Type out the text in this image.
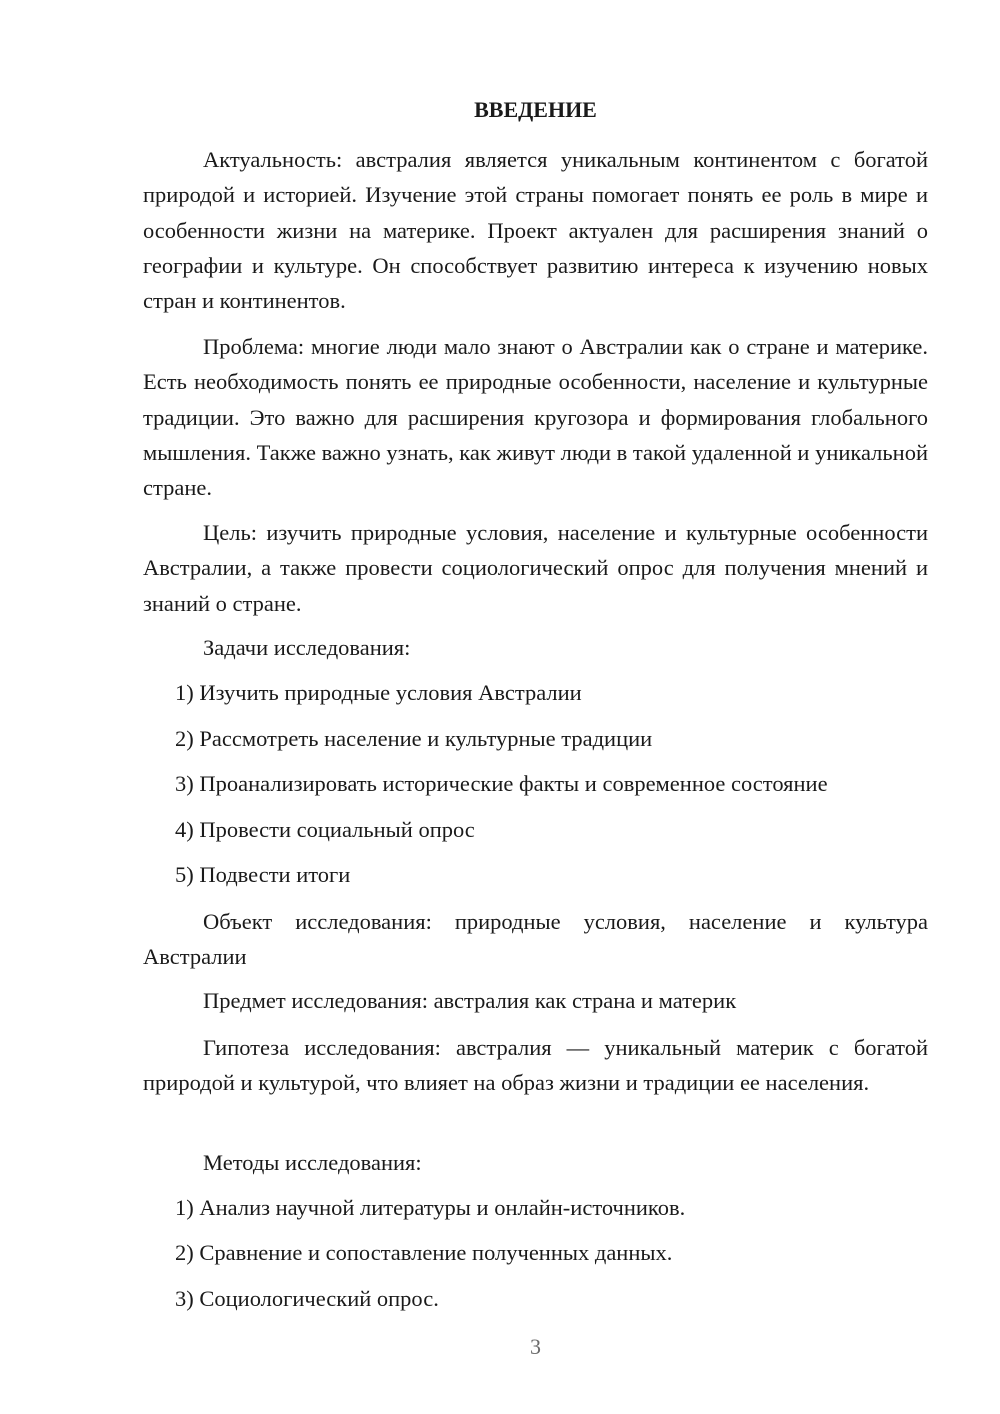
ВВЕДЕНИЕ

Актуальность: австралия является уникальным континентом с богатой природой и историей. Изучение этой страны помогает понять ее роль в мире и особенности жизни на материке. Проект актуален для расширения знаний о географии и культуре. Он способствует развитию интереса к изучению новых стран и континентов.

Проблема: многие люди мало знают о Австралии как о стране и материке. Есть необходимость понять ее природные особенности, население и культурные традиции. Это важно для расширения кругозора и формирования глобального мышления. Также важно узнать, как живут люди в такой удаленной и уникальной стране.

Цель: изучить природные условия, население и культурные особенности Австралии, а также провести социологический опрос для получения мнений и знаний о стране.

Задачи исследования:

1) Изучить природные условия Австралии

2) Рассмотреть население и культурные традиции

3) Проанализировать исторические факты и современное состояние

4) Провести социальный опрос

5) Подвести итоги

Объект исследования: природные условия, население и культура Австралии

Предмет исследования: австралия как страна и материк

Гипотеза исследования: австралия — уникальный материк с богатой природой и культурой, что влияет на образ жизни и традиции ее населения.

Методы исследования:

1) Анализ научной литературы и онлайн-источников.

2) Сравнение и сопоставление полученных данных.

3) Социологический опрос.

3
